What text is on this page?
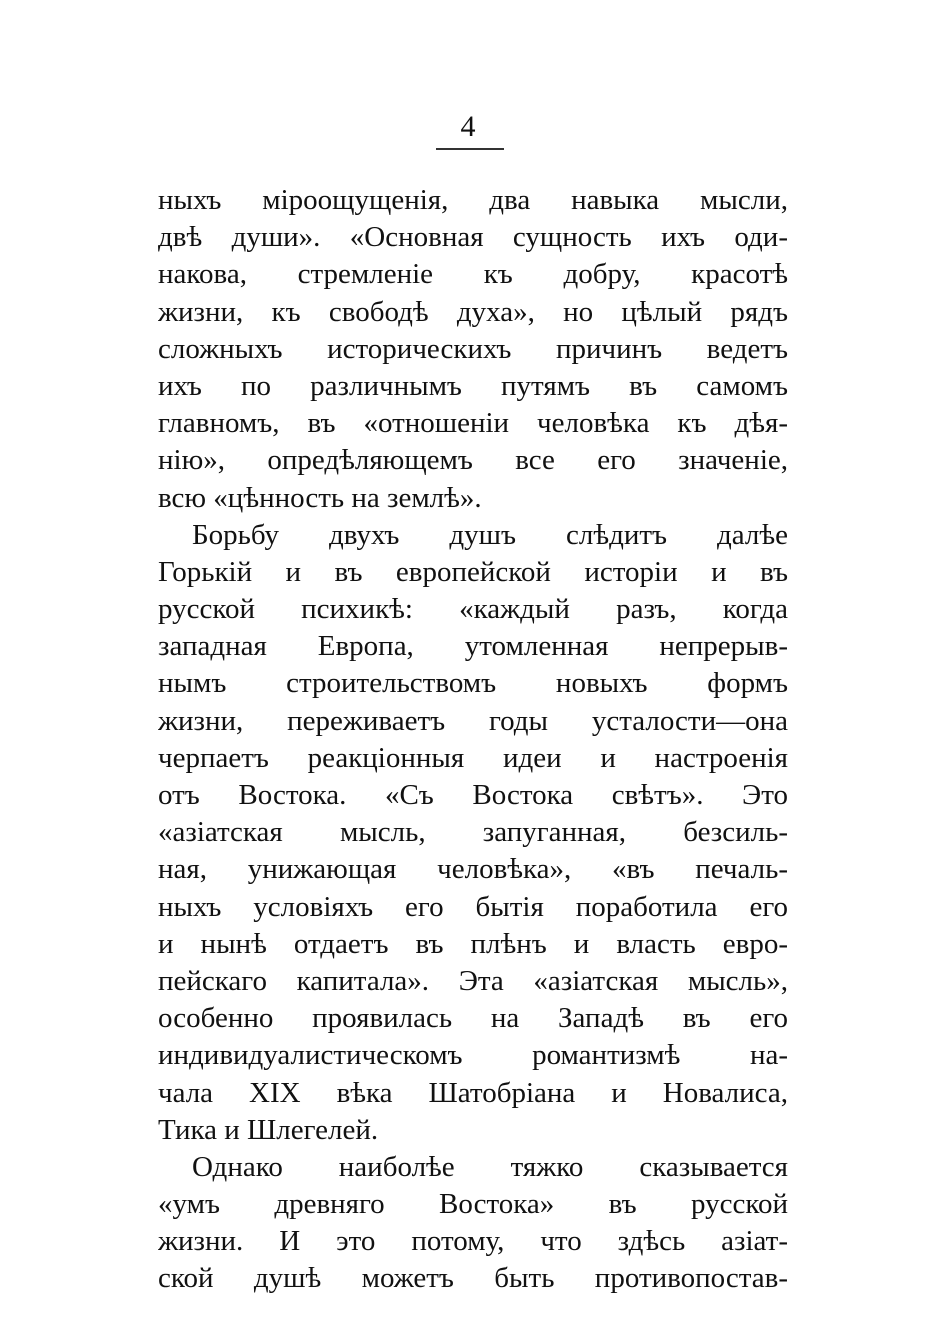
4
ныхъ міроощущенія, два навыка мысли,
двѣ души». «Основная сущность ихъ оди-
накова, стремленіе къ добру, красотѣ
жизни, къ свободѣ духа», но цѣлый рядъ
сложныхъ историческихъ причинъ ведетъ
ихъ по различнымъ путямъ въ самомъ
главномъ, въ «отношеніи человѣка къ дѣя-
нію», опредѣляющемъ все его значеніе,
всю «цѣнность на землѣ».
Борьбу двухъ душъ слѣдитъ далѣе
Горькій и въ европейской исторіи и въ
русской психикѣ: «каждый разъ, когда
западная Европа, утомленная непрерыв-
нымъ строительствомъ новыхъ формъ
жизни, переживаетъ годы усталости—она
черпаетъ реакціонныя идеи и настроенія
отъ Востока. «Съ Востока свѣтъ». Это
«азіатская мысль, запуганная, безсиль-
ная, унижающая человѣка», «въ печаль-
ныхъ условіяхъ его бытія поработила его
и нынѣ отдаетъ въ плѣнъ и власть евро-
пейскаго капитала». Эта «азіатская мысль»,
особенно проявилась на Западѣ въ его
индивидуалистическомъ романтизмѣ на-
чала XIX вѣка Шатобріана и Новалиса,
Тика и Шлегелей.
Однако наиболѣе тяжко сказывается
«умъ древняго Востока» въ русской
жизни. И это потому, что здѣсь азіат-
ской душѣ можетъ быть противопостав-
